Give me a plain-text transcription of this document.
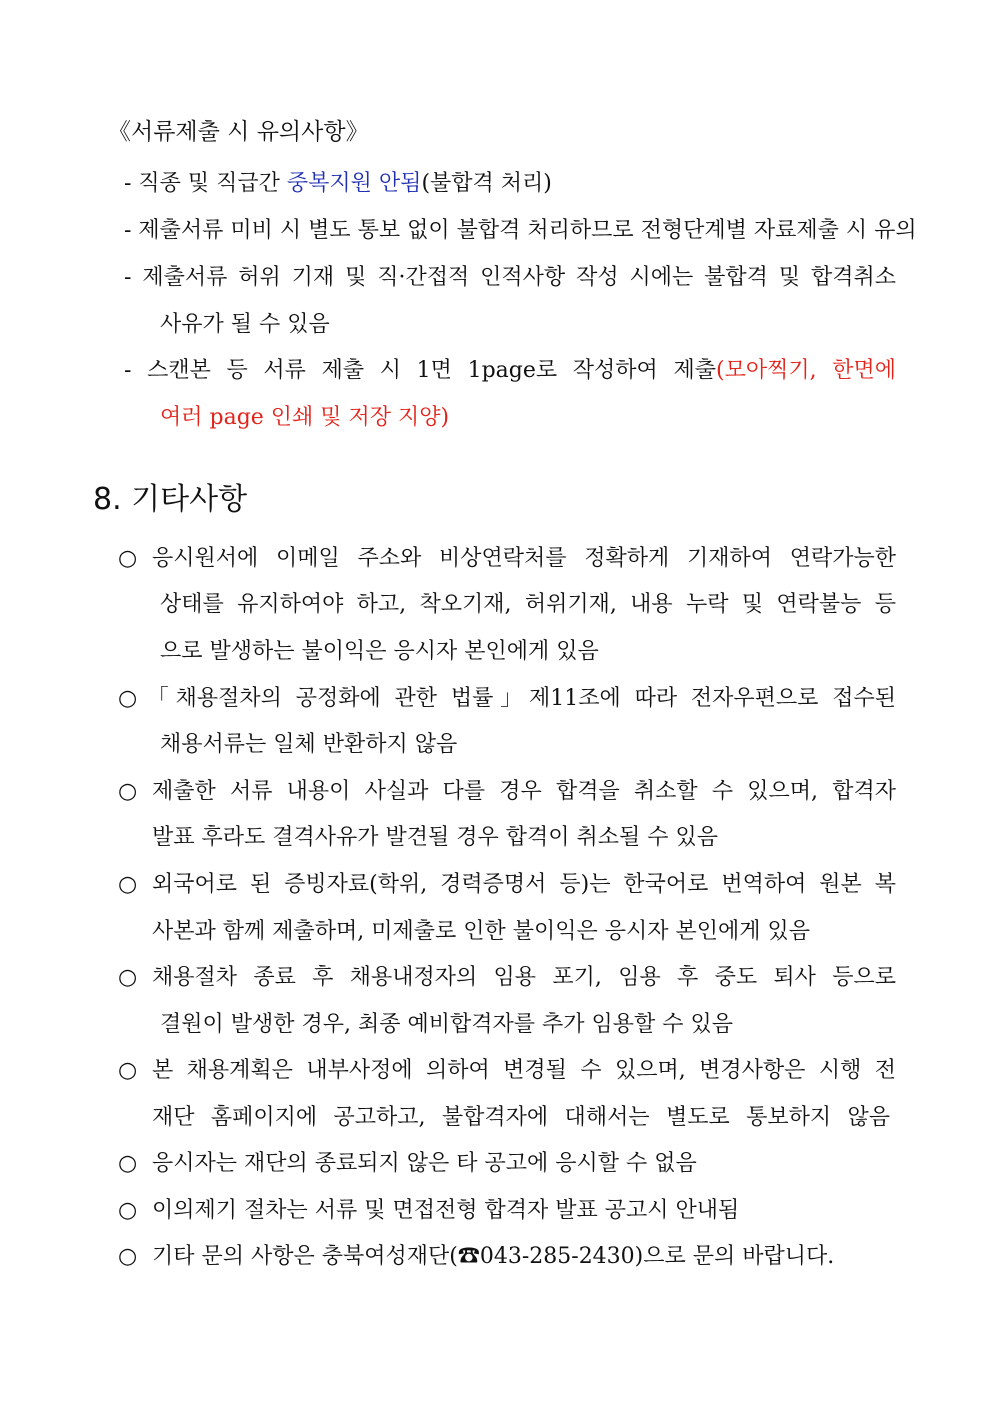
《서류제출 시 유의사항》
- 직종 및 직급간 중복지원 안됨(불합격 처리)
- 제출서류 미비 시 별도 통보 없이 불합격 처리하므로 전형단계별 자료제출 시 유의
- 제출서류 허위 기재 및 직·간접적 인적사항 작성 시에는 불합격 및 합격취소
사유가 될 수 있음
- 스캔본 등 서류 제출 시 1면 1page로 작성하여 제출(모아찍기, 한면에
여러 page 인쇄 및 저장 지양)
8. 기타사항
○ 응시원서에 이메일 주소와 비상연락처를 정확하게 기재하여 연락가능한
상태를 유지하여야 하고, 착오기재, 허위기재, 내용 누락 및 연락불능 등
으로 발생하는 불이익은 응시자 본인에게 있음
○ 「채용절차의 공정화에 관한 법률」제11조에 따라 전자우편으로 접수된
채용서류는 일체 반환하지 않음
○ 제출한 서류 내용이 사실과 다를 경우 합격을 취소할 수 있으며, 합격자
발표 후라도 결격사유가 발견될 경우 합격이 취소될 수 있음
○ 외국어로 된 증빙자료(학위, 경력증명서 등)는 한국어로 번역하여 원본 복
사본과 함께 제출하며, 미제출로 인한 불이익은 응시자 본인에게 있음
○ 채용절차 종료 후 채용내정자의 임용 포기, 임용 후 중도 퇴사 등으로
결원이 발생한 경우, 최종 예비합격자를 추가 임용할 수 있음
○ 본 채용계획은 내부사정에 의하여 변경될 수 있으며, 변경사항은 시행 전
재단 홈페이지에 공고하고, 불합격자에 대해서는 별도로 통보하지 않음
○ 응시자는 재단의 종료되지 않은 타 공고에 응시할 수 없음
○ 이의제기 절차는 서류 및 면접전형 합격자 발표 공고시 안내됨
○ 기타 문의 사항은 충북여성재단(☎043-285-2430)으로 문의 바랍니다.
